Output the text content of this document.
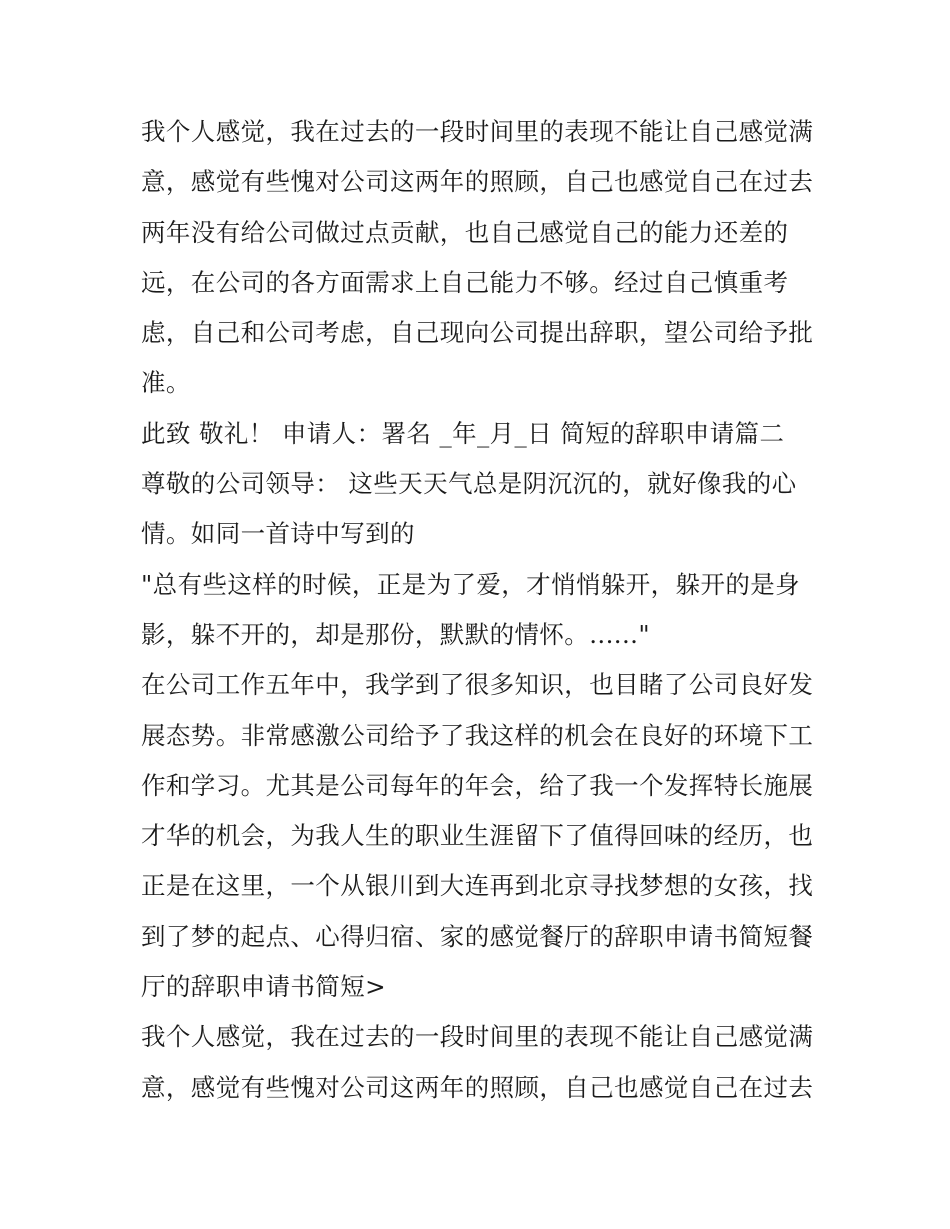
我个人感觉，我在过去的一段时间里的表现不能让自己感觉满
意，感觉有些愧对公司这两年的照顾，自己也感觉自己在过去
两年没有给公司做过点贡献，也自己感觉自己的能力还差的
远，在公司的各方面需求上自己能力不够。经过自己慎重考
虑，自己和公司考虑，自己现向公司提出辞职，望公司给予批
准。
此致 敬礼！ 申请人：署名 _年_月_日 简短的辞职申请篇二
尊敬的公司领导： 这些天天气总是阴沉沉的，就好像我的心
情。如同一首诗中写到的
"总有些这样的时候，正是为了爱，才悄悄躲开，躲开的是身
影，躲不开的，却是那份，默默的情怀。......"
在公司工作五年中，我学到了很多知识，也目睹了公司良好发
展态势。非常感激公司给予了我这样的机会在良好的环境下工
作和学习。尤其是公司每年的年会，给了我一个发挥特长施展
才华的机会，为我人生的职业生涯留下了值得回味的经历，也
正是在这里，一个从银川到大连再到北京寻找梦想的女孩，找
到了梦的起点、心得归宿、家的感觉餐厅的辞职申请书简短餐
厅的辞职申请书简短>
我个人感觉，我在过去的一段时间里的表现不能让自己感觉满
意，感觉有些愧对公司这两年的照顾，自己也感觉自己在过去
